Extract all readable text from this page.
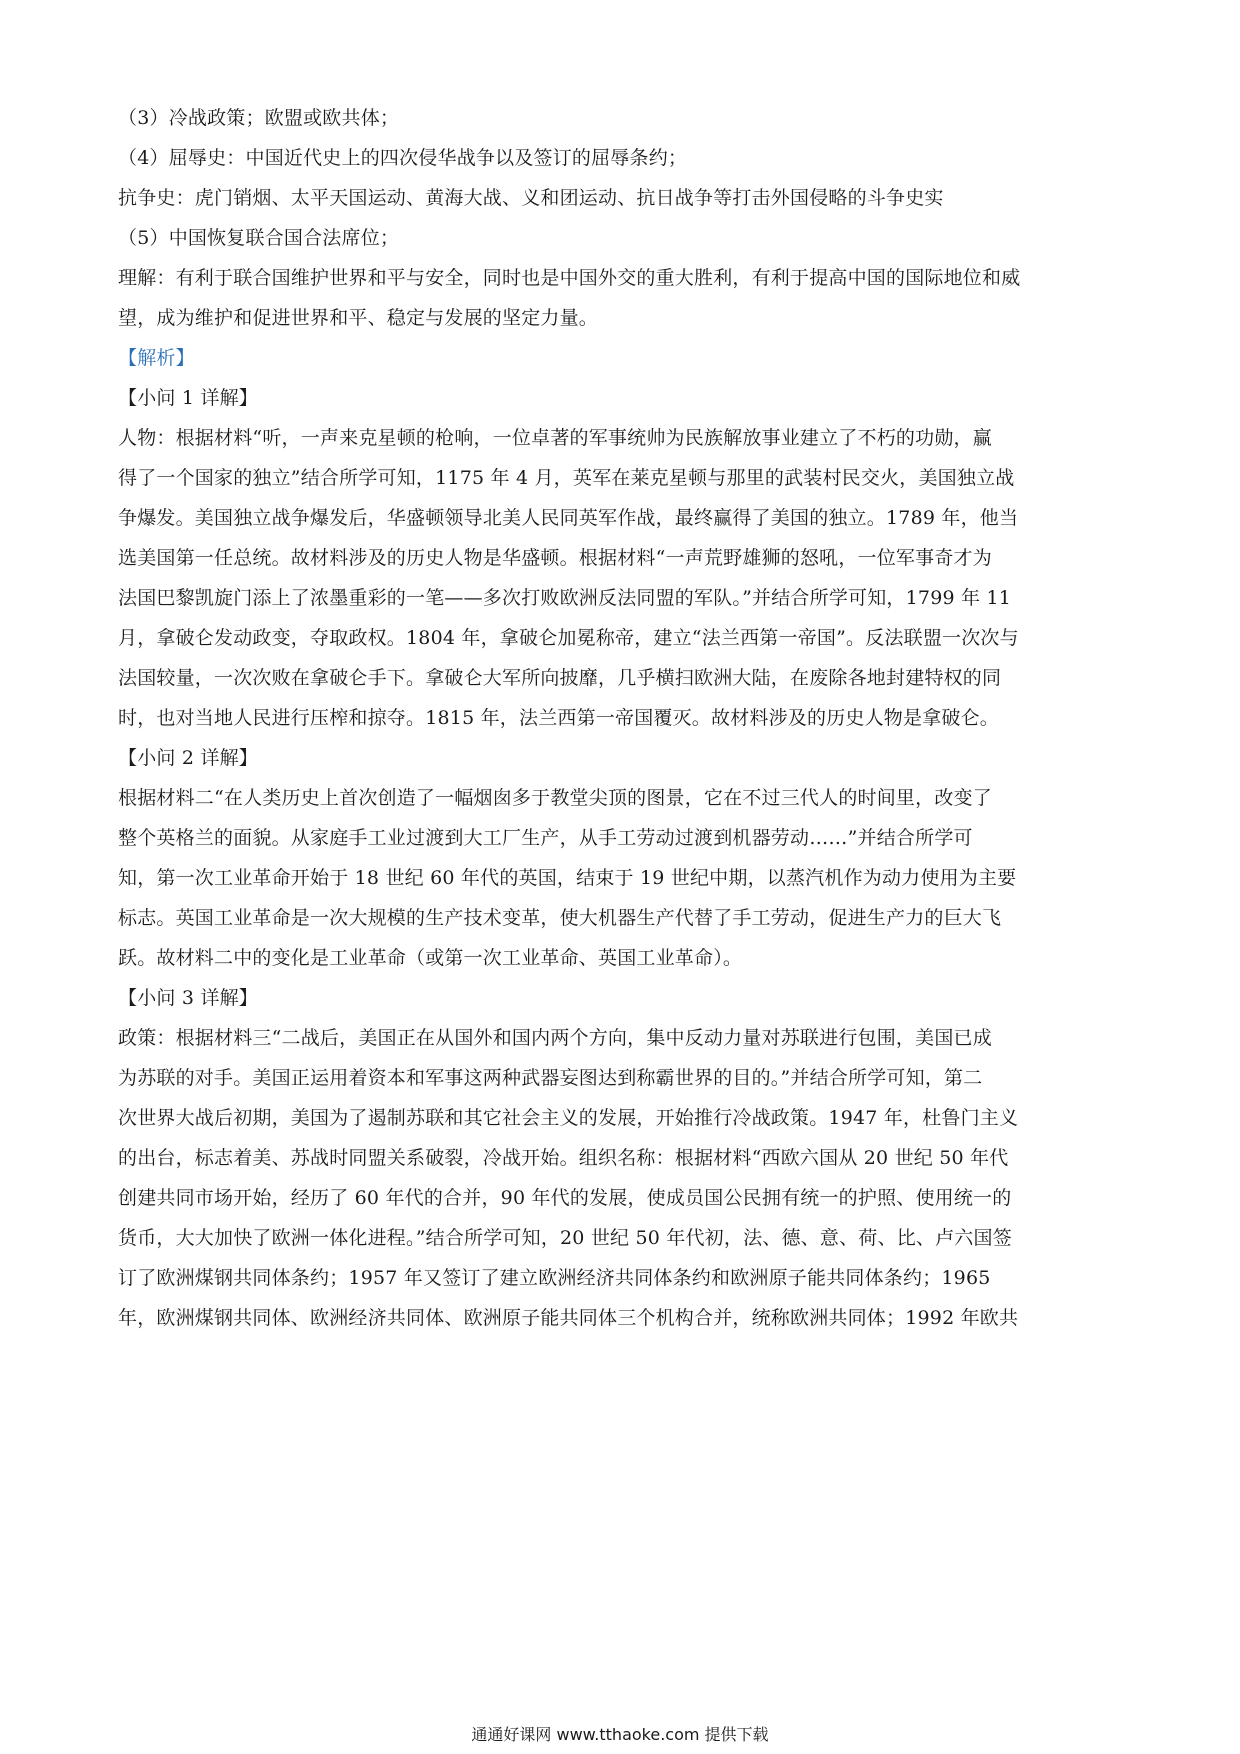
（3）冷战政策；欧盟或欧共体；
（4）屈辱史：中国近代史上的四次侵华战争以及签订的屈辱条约；
抗争史：虎门销烟、太平天国运动、黄海大战、义和团运动、抗日战争等打击外国侵略的斗争史实
（5）中国恢复联合国合法席位；
理解：有利于联合国维护世界和平与安全，同时也是中国外交的重大胜利，有利于提高中国的国际地位和威
望，成为维护和促进世界和平、稳定与发展的坚定力量。
【解析】
【小问 1 详解】
人物：根据材料“听，一声来克星顿的枪响，一位卓著的军事统帅为民族解放事业建立了不朽的功勋，赢
得了一个国家的独立”结合所学可知，1175 年 4 月，英军在莱克星顿与那里的武装村民交火，美国独立战
争爆发。美国独立战争爆发后，华盛顿领导北美人民同英军作战，最终赢得了美国的独立。1789 年，他当
选美国第一任总统。故材料涉及的历史人物是华盛顿。根据材料“一声荒野雄狮的怒吼，一位军事奇才为
法国巴黎凯旋门添上了浓墨重彩的一笔——多次打败欧洲反法同盟的军队。”并结合所学可知，1799 年 11
月，拿破仑发动政变，夺取政权。1804 年，拿破仑加冕称帝，建立“法兰西第一帝国”。反法联盟一次次与
法国较量，一次次败在拿破仑手下。拿破仑大军所向披靡，几乎横扫欧洲大陆，在废除各地封建特权的同
时，也对当地人民进行压榨和掠夺。1815 年，法兰西第一帝国覆灭。故材料涉及的历史人物是拿破仑。
【小问 2 详解】
根据材料二“在人类历史上首次创造了一幅烟囱多于教堂尖顶的图景，它在不过三代人的时间里，改变了
整个英格兰的面貌。从家庭手工业过渡到大工厂生产，从手工劳动过渡到机器劳动……”并结合所学可
知，第一次工业革命开始于 18 世纪 60 年代的英国，结束于 19 世纪中期，以蒸汽机作为动力使用为主要
标志。英国工业革命是一次大规模的生产技术变革，使大机器生产代替了手工劳动，促进生产力的巨大飞
跃。故材料二中的变化是工业革命（或第一次工业革命、英国工业革命）。
【小问 3 详解】
政策：根据材料三“二战后，美国正在从国外和国内两个方向，集中反动力量对苏联进行包围，美国已成
为苏联的对手。美国正运用着资本和军事这两种武器妄图达到称霸世界的目的。”并结合所学可知，第二
次世界大战后初期，美国为了遏制苏联和其它社会主义的发展，开始推行冷战政策。1947 年，杜鲁门主义
的出台，标志着美、苏战时同盟关系破裂，冷战开始。组织名称：根据材料“西欧六国从 20 世纪 50 年代
创建共同市场开始，经历了 60 年代的合并，90 年代的发展，使成员国公民拥有统一的护照、使用统一的
货币，大大加快了欧洲一体化进程。”结合所学可知，20 世纪 50 年代初，法、德、意、荷、比、卢六国签
订了欧洲煤钢共同体条约；1957 年又签订了建立欧洲经济共同体条约和欧洲原子能共同体条约；1965
年，欧洲煤钢共同体、欧洲经济共同体、欧洲原子能共同体三个机构合并，统称欧洲共同体；1992 年欧共
通通好课网 www.tthaoke.com 提供下载
